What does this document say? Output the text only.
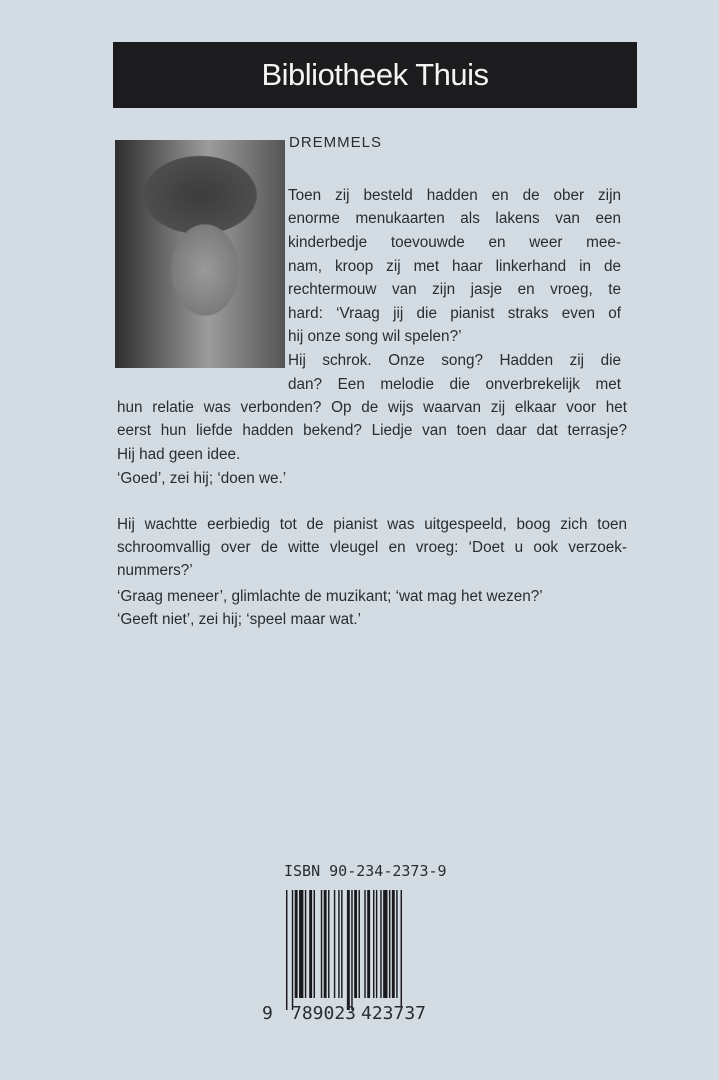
Bibliotheek Thuis
DREMMELS
Toen zij besteld hadden en de ober zijn
enorme menukaarten als lakens van een
kinderbedje toevouwde en weer mee-
nam, kroop zij met haar linkerhand in de
rechtermouw van zijn jasje en vroeg, te
hard: ‘Vraag jij die pianist straks even of
hij onze song wil spelen?’
Hij schrok. Onze song? Hadden zij die
dan? Een melodie die onverbrekelijk met
hun relatie was verbonden? Op de wijs waarvan zij elkaar voor het
eerst hun liefde hadden bekend? Liedje van toen daar dat terrasje?
Hij had geen idee.
‘Goed’, zei hij; ‘doen we.’
Hij wachtte eerbiedig tot de pianist was uitgespeeld, boog zich toen
schroomvallig over de witte vleugel en vroeg: ‘Doet u ook verzoek-
nummers?’
‘Graag meneer’, glimlachte de muzikant; ‘wat mag het wezen?’
‘Geeft niet’, zei hij; ‘speel maar wat.’
ISBN 90-234-2373-9
9 789023 423737
